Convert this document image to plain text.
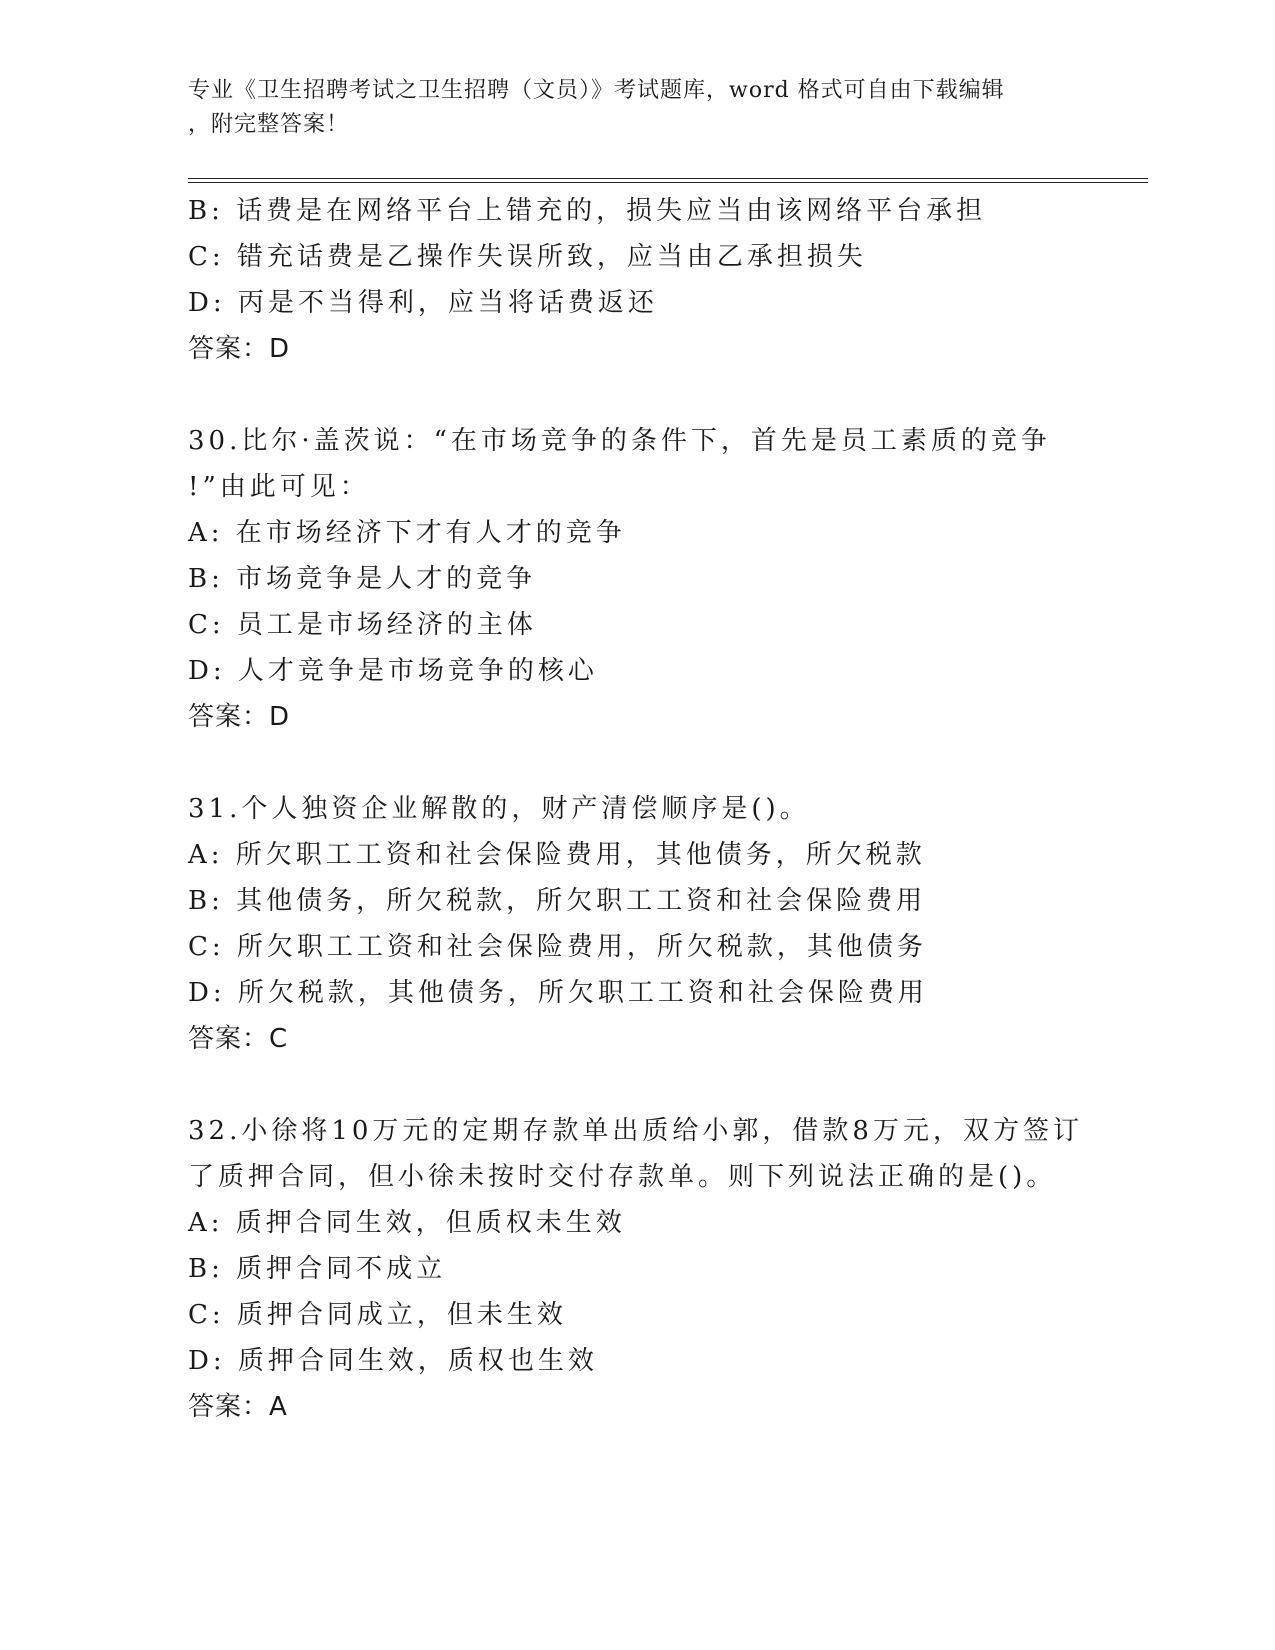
专业《卫生招聘考试之卫生招聘（文员）》考试题库，word 格式可自由下载编辑
，附完整答案！
B: 话费是在网络平台上错充的，损失应当由该网络平台承担
C: 错充话费是乙操作失误所致，应当由乙承担损失
D: 丙是不当得利，应当将话费返还
答案：D
30.比尔·盖茨说：“在市场竞争的条件下，首先是员工素质的竞争
!”由此可见：
A: 在市场经济下才有人才的竞争
B: 市场竞争是人才的竞争
C: 员工是市场经济的主体
D: 人才竞争是市场竞争的核心
答案：D
31.个人独资企业解散的，财产清偿顺序是()。
A: 所欠职工工资和社会保险费用，其他债务，所欠税款
B: 其他债务，所欠税款，所欠职工工资和社会保险费用
C: 所欠职工工资和社会保险费用，所欠税款，其他债务
D: 所欠税款，其他债务，所欠职工工资和社会保险费用
答案：C
32.小徐将10万元的定期存款单出质给小郭，借款8万元，双方签订
了质押合同，但小徐未按时交付存款单。则下列说法正确的是()。
A: 质押合同生效，但质权未生效
B: 质押合同不成立
C: 质押合同成立，但未生效
D: 质押合同生效，质权也生效
答案：A
